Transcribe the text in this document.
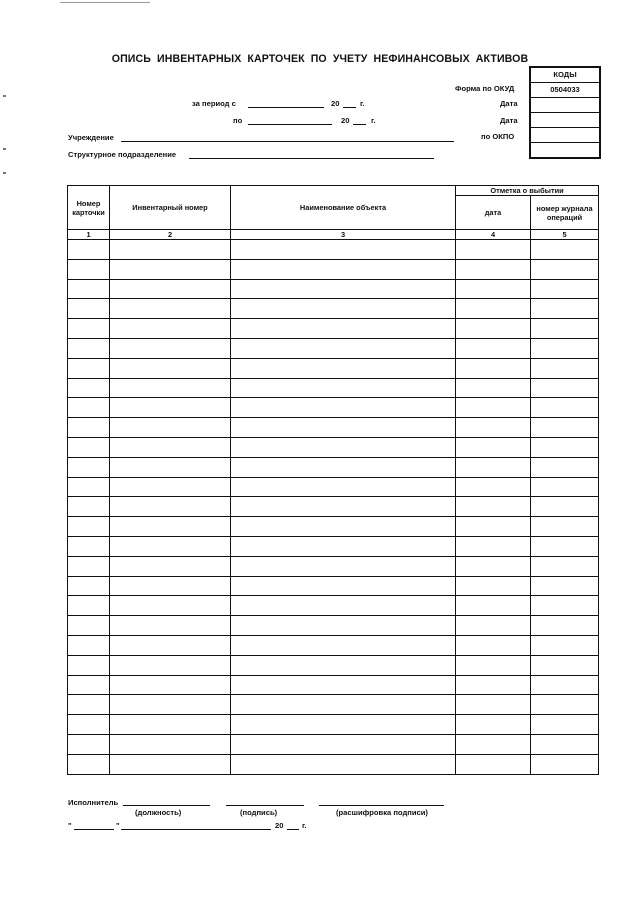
ОПИСЬ ИНВЕНТАРНЫХ КАРТОЧЕК ПО УЧЕТУ НЕФИНАНСОВЫХ АКТИВОВ
КОДЫ
0504033
Форма по ОКУД
Дата
Дата
по ОКПО
за период с	20	г.
по	20	г.
Учреждение
Структурное подразделение
Номер карточки	Инвентарный номер	Наименование объекта	Отметка о выбытии	
			дата	номер журнала операций
1	2	3	4	5

Исполнитель
(должность)	(подпись)	(расшифровка подписи)
"	"	20 г.
